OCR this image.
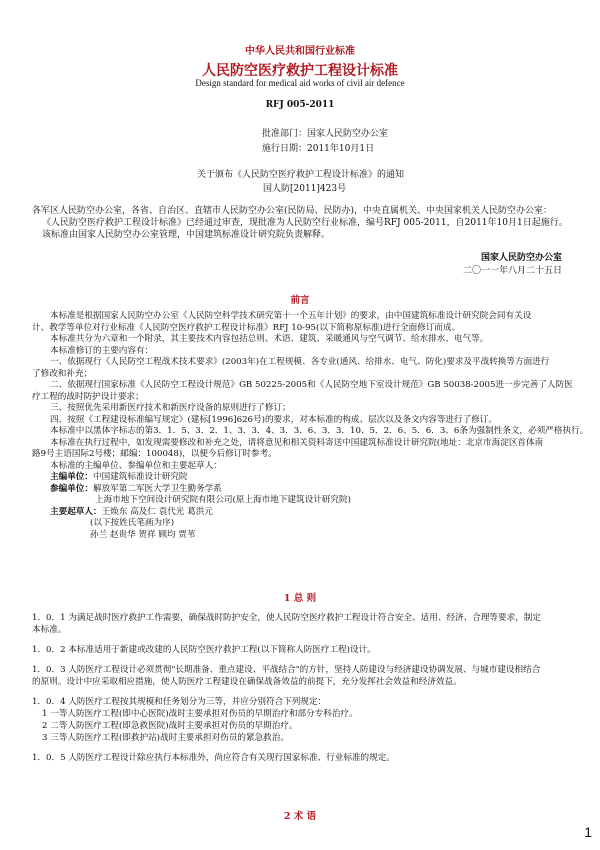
中华人民共和国行业标准

人民防空医疗救护工程设计标准

Design standard for medical aid works of civil air defence

RFJ 005-2011

批准部门：国家人民防空办公室
施行日期：2011年10月1日
关于颁布《人民防空医疗救护工程设计标准》的通知
国人防[2011]423号
各军区人民防空办公室，各省、自治区、直辖市人民防空办公室(民防局、民防办)，中央直属机关、中央国家机关人民防空办公室：
《人民防空医疗救护工程设计标准》已经通过审查，现批准为人民防空行业标准，编号RFJ 005-2011，自2011年10月1日起施行。
该标准由国家人民防空办公室管理，中国建筑标准设计研究院负责解释。
国家人民防空办公室
二〇一一年八月二十五日
前言
本标准是根据国家人民防空办公室《人民防空科学技术研究第十一个五年计划》的要求，由中国建筑标准设计研究院会同有关设
计、教学等单位对行业标准《人民防空医疗救护工程设计标准》RFJ 10-95(以下简称原标准)进行全面修订而成。
本标准共分为六章和一个附录，其主要技术内容包括总则、术语、建筑、采暖通风与空气调节、给水排水、电气等。
本标准修订的主要内容有：
一、依据现行《人民防空工程战术技术要求》(2003年)在工程规模、各专业(通风、给排水、电气、防化)要求及平战转换等方面进行
了修改和补充；
二、依据现行国家标准《人民防空工程设计规范》GB 50225-2005和《人民防空地下室设计规范》GB 50038-2005进一步完善了人防医
疗工程的战时防护设计要求；
三、按照优先采用新医疗技术和新医疗设备的原则进行了修订；
四、按照《工程建设标准编写规定》(建标[1996]626号)的要求，对本标准的构成、层次以及条文内容等进行了修订。
本标准中以黑体字标志的第3．1．5、3．2．1、3．3．4、3．3．6、3．3．10、5．2．6、5．6．3、6条为强制性条文，必须严格执行。
本标准在执行过程中，如发现需要修改和补充之处，请将意见和相关资料寄送中国建筑标准设计研究院(地址：北京市海淀区首体南
路9号主语国际2号楼；邮编：100048)，以便今后修订时参考。
本标准的主编单位、参编单位和主要起草人：
主编单位：中国建筑标准设计研究院
参编单位：解放军第二军医大学卫生勤务学系
上海市地下空间设计研究院有限公司(原上海市地下建筑设计研究院)
主要起草人：王焕东 高及仁 袁代光 葛洪元
(以下按姓氏笔画为序)
孙兰 赵贵华 贺祥 顾均 贾苇
1 总 则
1．0．1 为满足战时医疗救护工作需要，确保战时防护安全，使人民防空医疗救护工程设计符合安全、适用、经济、合理等要求，制定
本标准。
1．0．2 本标准适用于新建或改建的人民防空医疗救护工程(以下简称人防医疗工程)设计。
1．0．3 人防医疗工程设计必须贯彻"长期准备、重点建设、平战结合"的方针，坚持人防建设与经济建设协调发展、与城市建设相结合
的原则。设计中应采取相应措施，使人防医疗工程建设在确保战备效益的前提下，充分发挥社会效益和经济效益。
1．0．4 人防医疗工程按其规模和任务划分为三等，并应分别符合下列规定：
1 一等人防医疗工程(即中心医院)战时主要承担对伤员的早期治疗和部分专科治疗。
2 二等人防医疗工程(即急救医院)战时主要承担对伤员的早期治疗。
3 三等人防医疗工程(即救护站)战时主要承担对伤员的紧急救治。
1．0．5 人防医疗工程设计除应执行本标准外，尚应符合有关现行国家标准、行业标准的规定。
2 术 语
1
